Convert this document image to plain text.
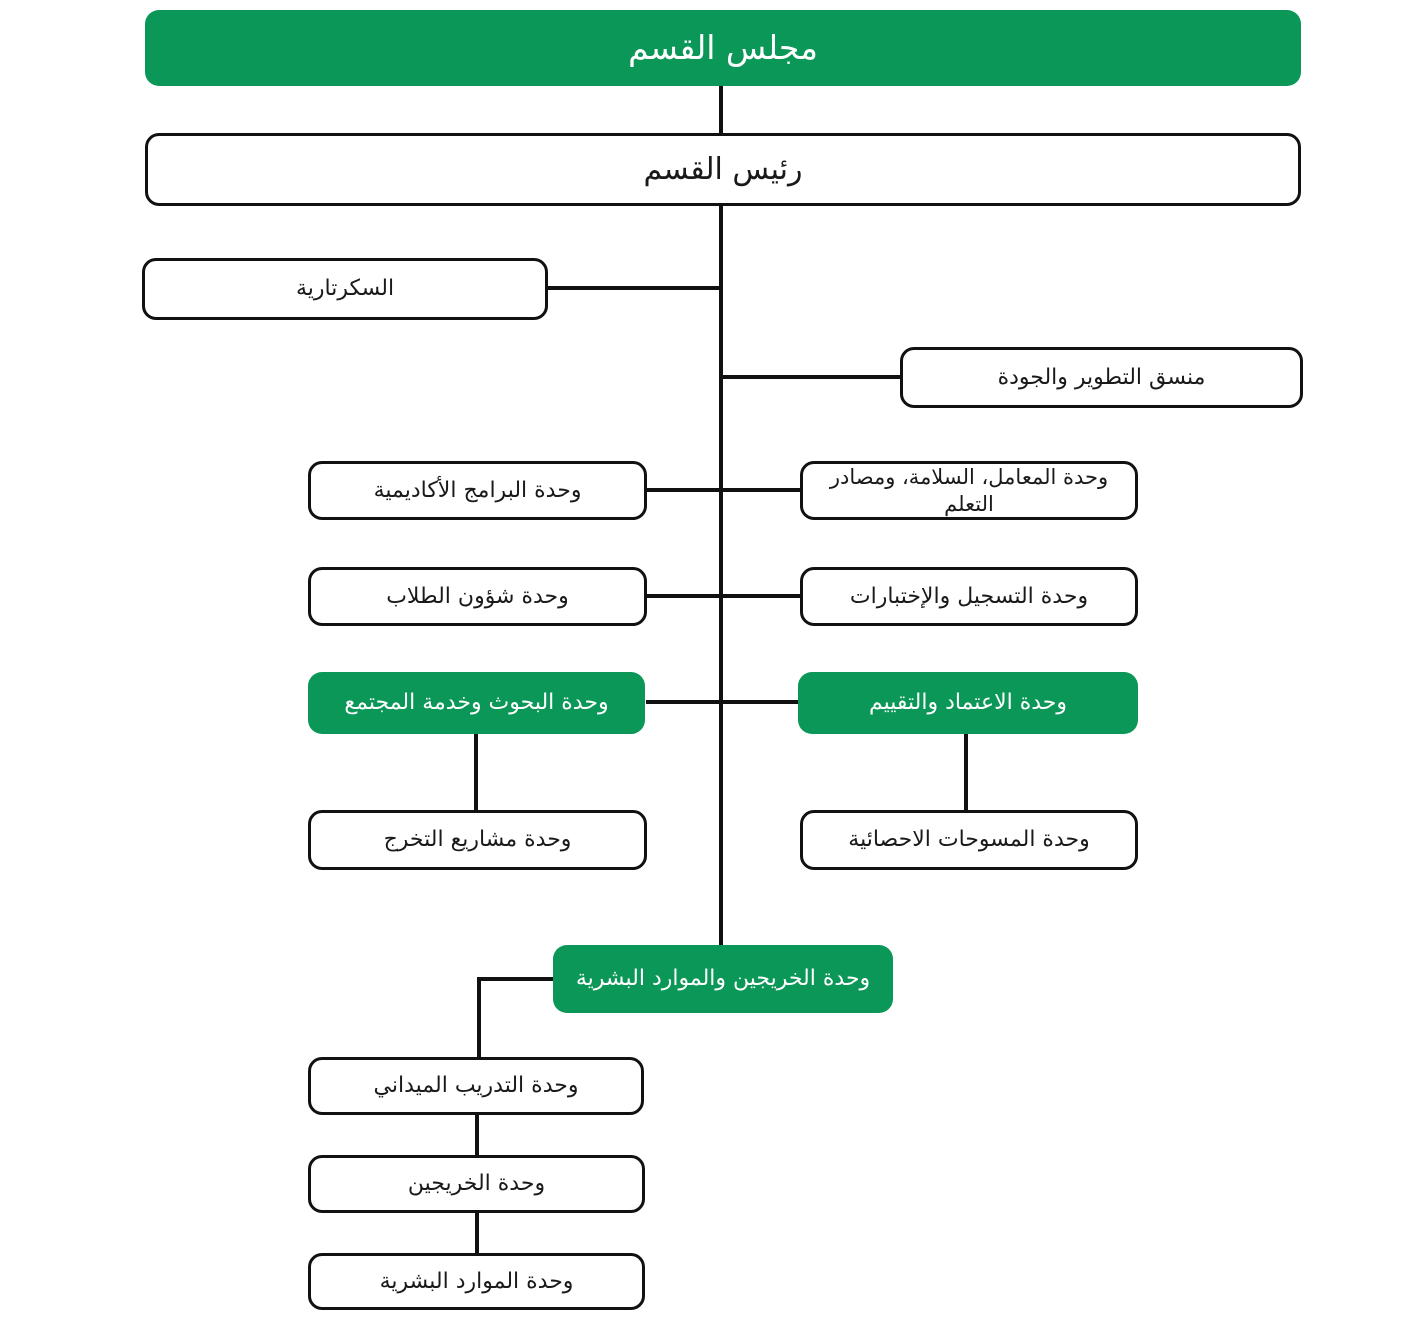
مجلس القسم
رئيس القسم
السكرتارية
منسق التطوير والجودة
وحدة البرامج الأكاديمية
وحدة المعامل، السلامة، ومصادر التعلم
وحدة شؤون الطلاب	وحدة التسجيل والإختبارات
وحدة البحوث وخدمة المجتمع	وحدة الاعتماد والتقييم
وحدة مشاريع التخرج	وحدة المسوحات الاحصائية
وحدة الخريجين والموارد البشرية
وحدة التدريب الميداني
وحدة الخريجين
وحدة الموارد البشرية
